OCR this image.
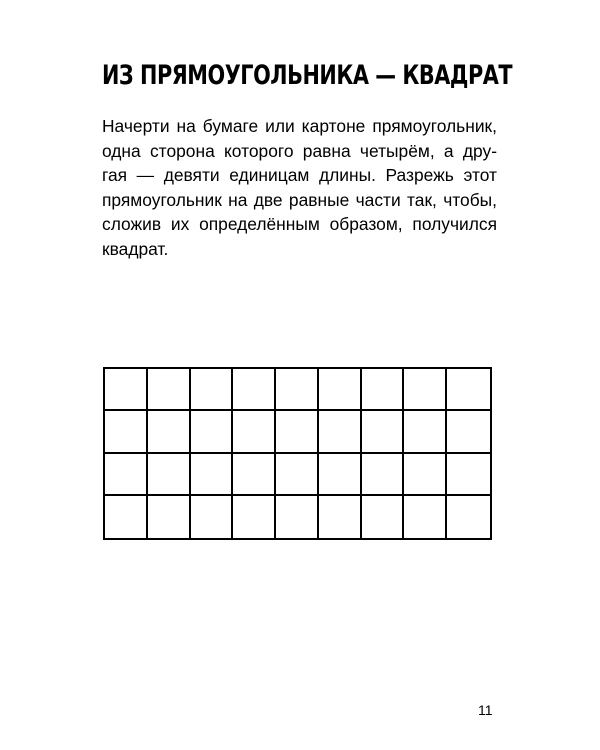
ИЗ ПРЯМОУГОЛЬНИКА — КВАДРАТ

Начерти на бумаге или картоне прямоугольник,
одна сторона которого равна четырём, а дру-
гая — девяти единицам длины. Разрежь этот
прямоугольник на две равные части так, чтобы,
сложив их определённым образом, получился
квадрат.

11
